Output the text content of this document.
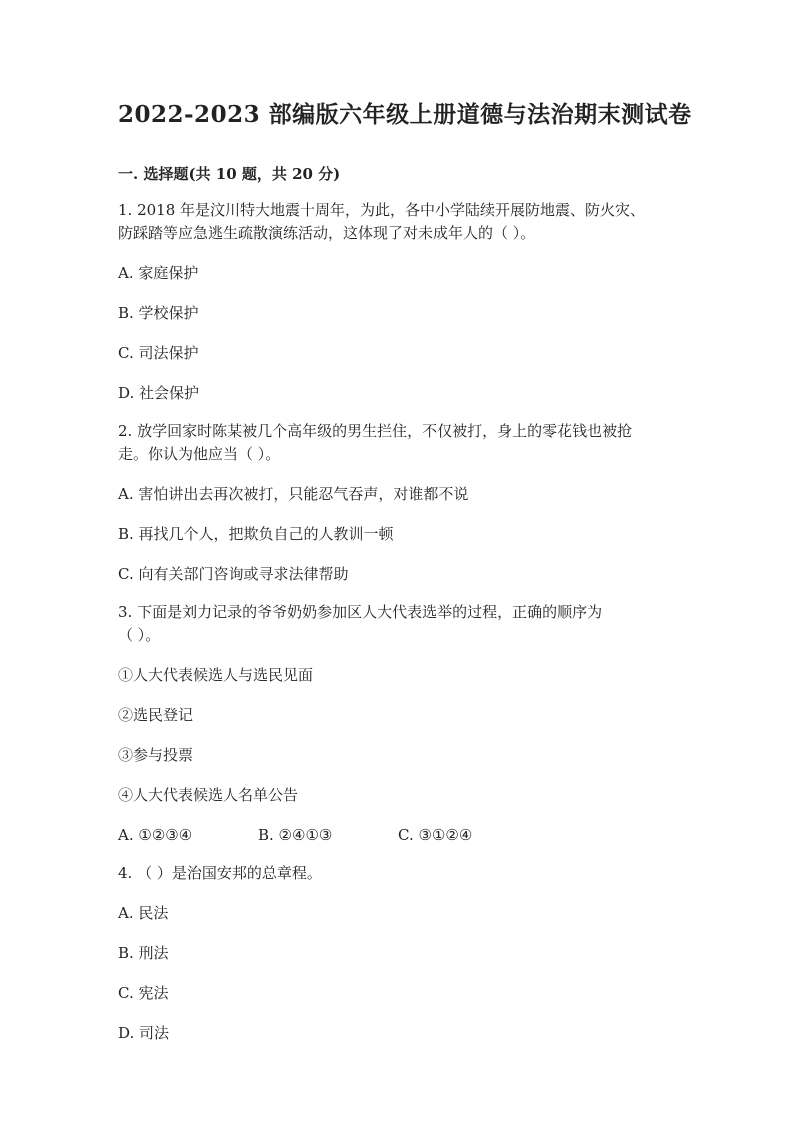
2022-2023 部编版六年级上册道德与法治期末测试卷
一. 选择题(共 10 题，共 20 分)
1. 2018 年是汶川特大地震十周年，为此，各中小学陆续开展防地震、防火灾、
防踩踏等应急逃生疏散演练活动，这体现了对未成年人的（ ）。
A. 家庭保护
B. 学校保护
C. 司法保护
D. 社会保护
2. 放学回家时陈某被几个高年级的男生拦住，不仅被打，身上的零花钱也被抢
走。你认为他应当（ ）。
A. 害怕讲出去再次被打，只能忍气吞声，对谁都不说
B. 再找几个人，把欺负自己的人教训一顿
C. 向有关部门咨询或寻求法律帮助
3. 下面是刘力记录的爷爷奶奶参加区人大代表选举的过程，正确的顺序为
（ ）。
①人大代表候选人与选民见面
②选民登记
③参与投票
④人大代表候选人名单公告
A. ①②③④	B. ②④①③	C. ③①②④
4. （ ）是治国安邦的总章程。
A. 民法
B. 刑法
C. 宪法
D. 司法
